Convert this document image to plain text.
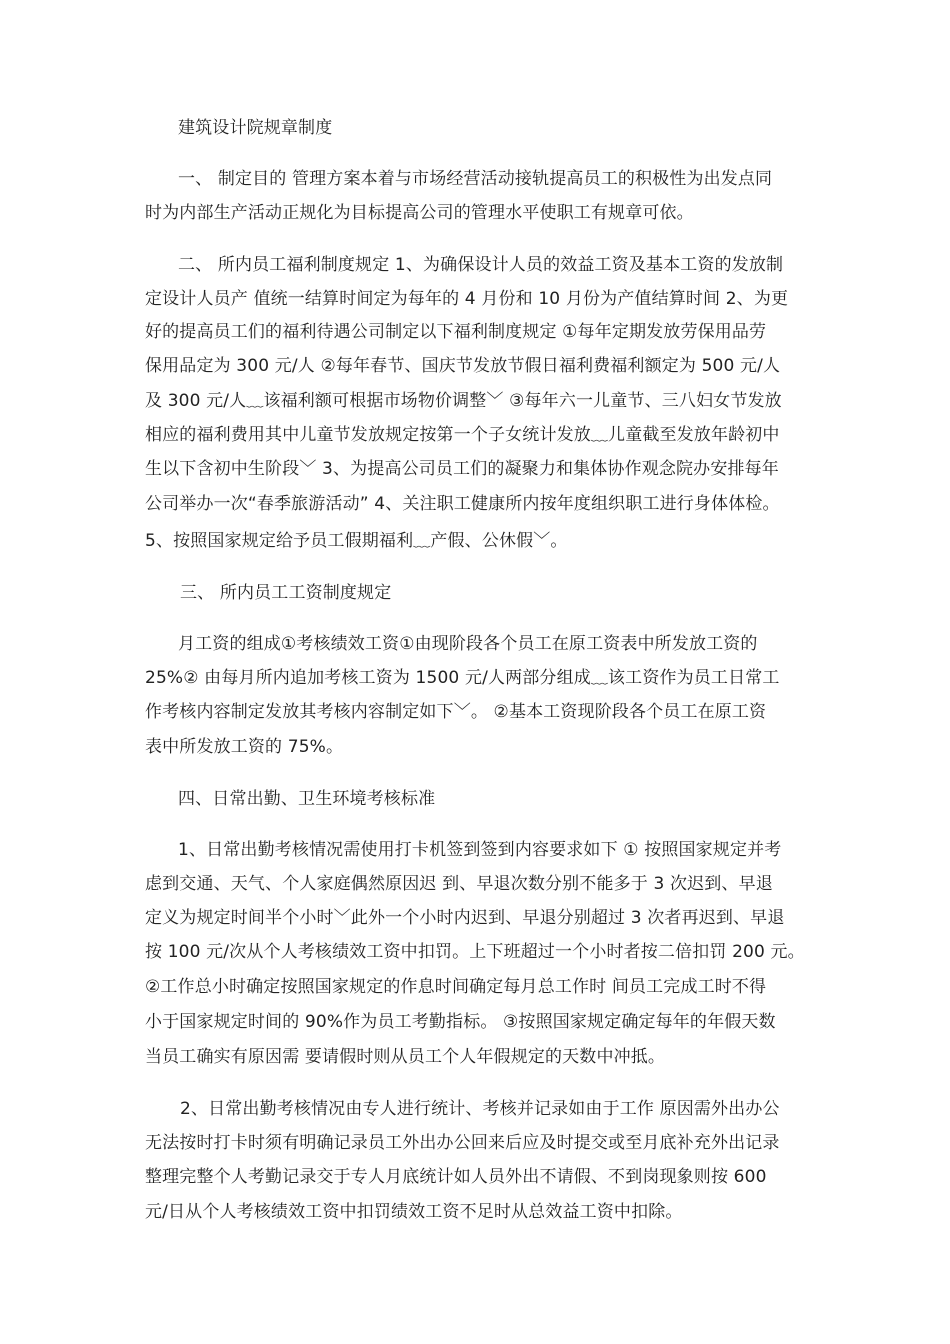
建筑设计院规章制度
一、 制定目的 管理方案本着与市场经营活动接轨提高员工的积极性为出发点同
时为内部生产活动正规化为目标提高公司的管理水平使职工有规章可依。
二、 所内员工福利制度规定 1、为确保设计人员的效益工资及基本工资的发放制
定设计人员产 值统一结算时间定为每年的 4 月份和 10 月份为产值结算时间 2、为更
好的提高员工们的福利待遇公司制定以下福利制度规定 ①每年定期发放劳保用品劳
保用品定为 300 元/人 ②每年春节、国庆节发放节假日福利费福利额定为 500 元/人
及 300 元/人﹏该福利额可根据市场物价调整﹀ ③每年六一儿童节、三八妇女节发放
相应的福利费用其中儿童节发放规定按第一个子女统计发放﹏儿童截至发放年龄初中
生以下含初中生阶段﹀ 3、为提高公司员工们的凝聚力和集体协作观念院办安排每年
公司举办一次“春季旅游活动” 4、关注职工健康所内按年度组织职工进行身体体检。
5、按照国家规定给予员工假期福利﹏产假、公休假﹀。
三、 所内员工工资制度规定
月工资的组成①考核绩效工资①由现阶段各个员工在原工资表中所发放工资的
25%② 由每月所内追加考核工资为 1500 元/人两部分组成﹏该工资作为员工日常工
作考核内容制定发放其考核内容制定如下﹀。 ②基本工资现阶段各个员工在原工资
表中所发放工资的 75%。
四、日常出勤、卫生环境考核标准
1、日常出勤考核情况需使用打卡机签到签到内容要求如下 ① 按照国家规定并考
虑到交通、天气、个人家庭偶然原因迟 到、早退次数分别不能多于 3 次迟到、早退
定义为规定时间半个小时﹀此外一个小时内迟到、早退分别超过 3 次者再迟到、早退
按 100 元/次从个人考核绩效工资中扣罚。上下班超过一个小时者按二倍扣罚 200 元。
②工作总小时确定按照国家规定的作息时间确定每月总工作时 间员工完成工时不得
小于国家规定时间的 90%作为员工考勤指标。 ③按照国家规定确定每年的年假天数
当员工确实有原因需 要请假时则从员工个人年假规定的天数中冲抵。
2、日常出勤考核情况由专人进行统计、考核并记录如由于工作 原因需外出办公
无法按时打卡时须有明确记录员工外出办公回来后应及时提交或至月底补充外出记录
整理完整个人考勤记录交于专人月底统计如人员外出不请假、不到岗现象则按 600
元/日从个人考核绩效工资中扣罚绩效工资不足时从总效益工资中扣除。
